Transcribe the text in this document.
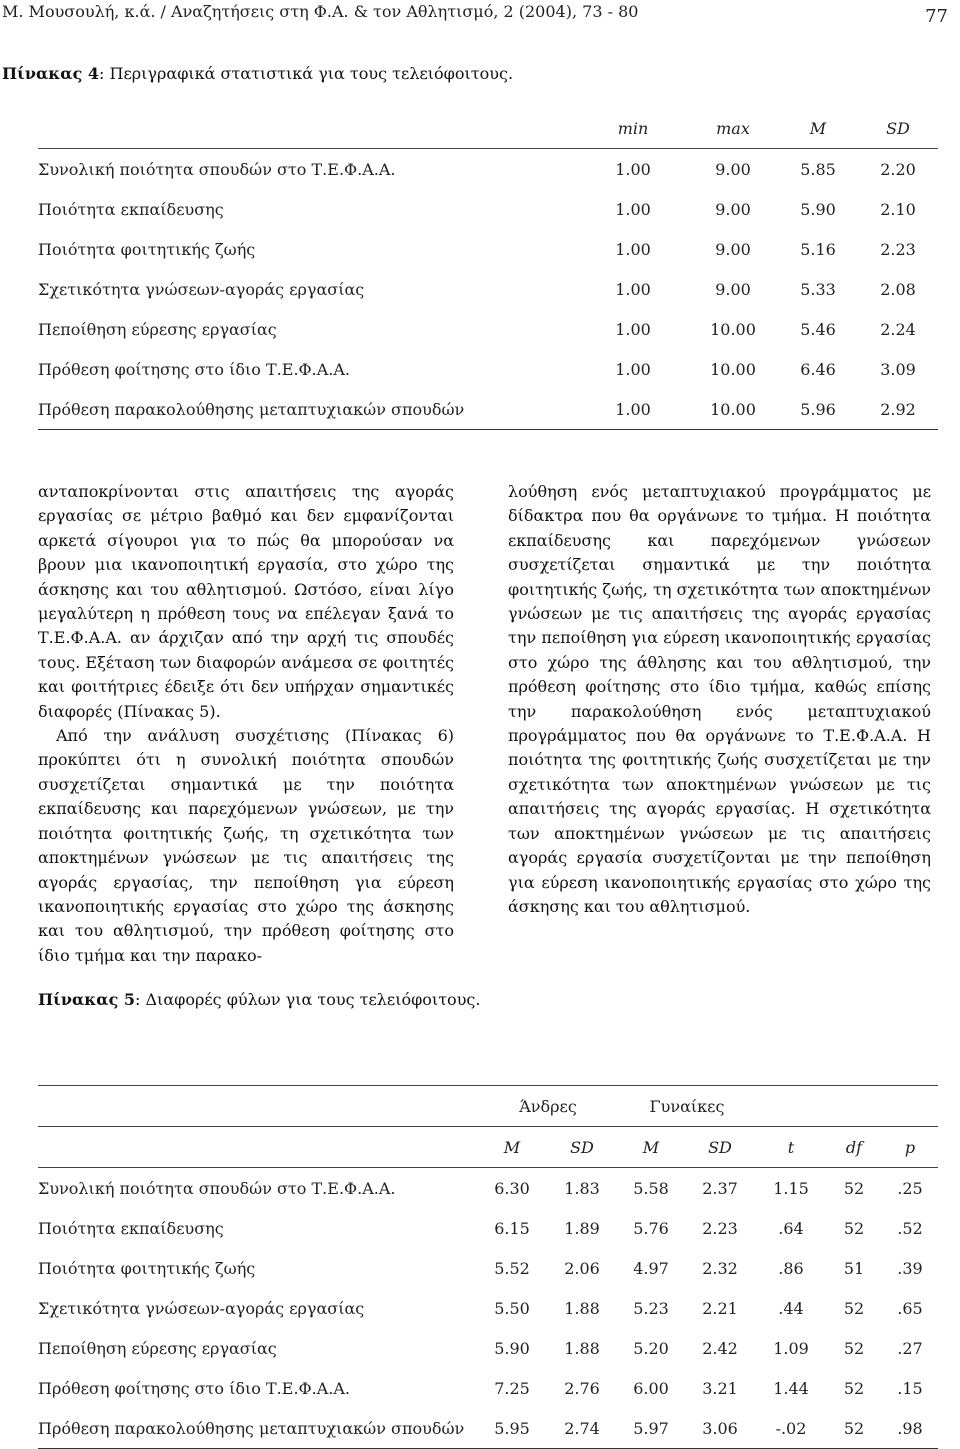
Μ. Μουσουλή, κ.ά. / Αναζητήσεις στη Φ.Α. & τον Αθλητισμό, 2 (2004), 73 - 80	77
Πίνακας 4: Περιγραφικά στατιστικά για τους τελειόφοιτους.
	min	max	M	SD
Συνολική ποιότητα σπουδών στο Τ.Ε.Φ.Α.Α.	1.00	9.00	5.85	2.20
Ποιότητα εκπαίδευσης	1.00	9.00	5.90	2.10
Ποιότητα φοιτητικής ζωής	1.00	9.00	5.16	2.23
Σχετικότητα γνώσεων-αγοράς εργασίας	1.00	9.00	5.33	2.08
Πεποίθηση εύρεσης εργασίας	1.00	10.00	5.46	2.24
Πρόθεση φοίτησης στο ίδιο Τ.Ε.Φ.Α.Α.	1.00	10.00	6.46	3.09
Πρόθεση παρακολούθησης μεταπτυχιακών σπουδών	1.00	10.00	5.96	2.92

ανταποκρίνονται στις απαιτήσεις της αγοράς εργασίας σε μέτριο βαθμό και δεν εμφανίζονται αρκετά σίγουροι για το πώς θα μπορούσαν να βρουν μια ικανοποιητική εργασία, στο χώρο της άσκησης και του αθλητισμού. Ωστόσο, είναι λίγο μεγαλύτερη η πρόθεση τους να επέλεγαν ξανά το Τ.Ε.Φ.Α.Α. αν άρχιζαν από την αρχή τις σπουδές τους. Εξέταση των διαφορών ανάμεσα σε φοιτητές και φοιτήτριες έδειξε ότι δεν υπήρχαν σημαντικές διαφορές (Πίνακας 5).

Από την ανάλυση συσχέτισης (Πίνακας 6) προκύπτει ότι η συνολική ποιότητα σπουδών συσχετίζεται σημαντικά με την ποιότητα εκπαίδευσης και παρεχόμενων γνώσεων, με την ποιότητα φοιτητικής ζωής, τη σχετικότητα των αποκτημένων γνώσεων με τις απαιτήσεις της αγοράς εργασίας, την πεποίθηση για εύρεση ικανοποιητικής εργασίας στο χώρο της άσκησης και του αθλητισμού, την πρόθεση φοίτησης στο ίδιο τμήμα και την παρακο-

λούθηση ενός μεταπτυχιακού προγράμματος με δίδακτρα που θα οργάνωνε το τμήμα. Η ποιότητα εκπαίδευσης και παρεχόμενων γνώσεων συσχετίζεται σημαντικά με την ποιότητα φοιτητικής ζωής, τη σχετικότητα των αποκτημένων γνώσεων με τις απαιτήσεις της αγοράς εργασίας την πεποίθηση για εύρεση ικανοποιητικής εργασίας στο χώρο της άθλησης και του αθλητισμού, την πρόθεση φοίτησης στο ίδιο τμήμα, καθώς επίσης την παρακολούθηση ενός μεταπτυχιακού προγράμματος που θα οργάνωνε το Τ.Ε.Φ.Α.Α. Η ποιότητα της φοιτητικής ζωής συσχετίζεται με την σχετικότητα των αποκτημένων γνώσεων με τις απαιτήσεις της αγοράς εργασίας. Η σχετικότητα των αποκτημένων γνώσεων με τις απαιτήσεις αγοράς εργασία συσχετίζονται με την πεποίθηση για εύρεση ικανοποιητικής εργασίας στο χώρο της άσκησης και του αθλητισμού.

Πίνακας 5: Διαφορές φύλων για τους τελειόφοιτους.
	Άνδρες		Γυναίκες				
	M	SD	M	SD	t	df	p
Συνολική ποιότητα σπουδών στο Τ.Ε.Φ.Α.Α.	6.30	1.83	5.58	2.37	1.15	52	.25
Ποιότητα εκπαίδευσης	6.15	1.89	5.76	2.23	.64	52	.52
Ποιότητα φοιτητικής ζωής	5.52	2.06	4.97	2.32	.86	51	.39
Σχετικότητα γνώσεων-αγοράς εργασίας	5.50	1.88	5.23	2.21	.44	52	.65
Πεποίθηση εύρεσης εργασίας	5.90	1.88	5.20	2.42	1.09	52	.27
Πρόθεση φοίτησης στο ίδιο Τ.Ε.Φ.Α.Α.	7.25	2.76	6.00	3.21	1.44	52	.15
Πρόθεση παρακολούθησης μεταπτυχιακών σπουδών	5.95	2.74	5.97	3.06	-.02	52	.98
